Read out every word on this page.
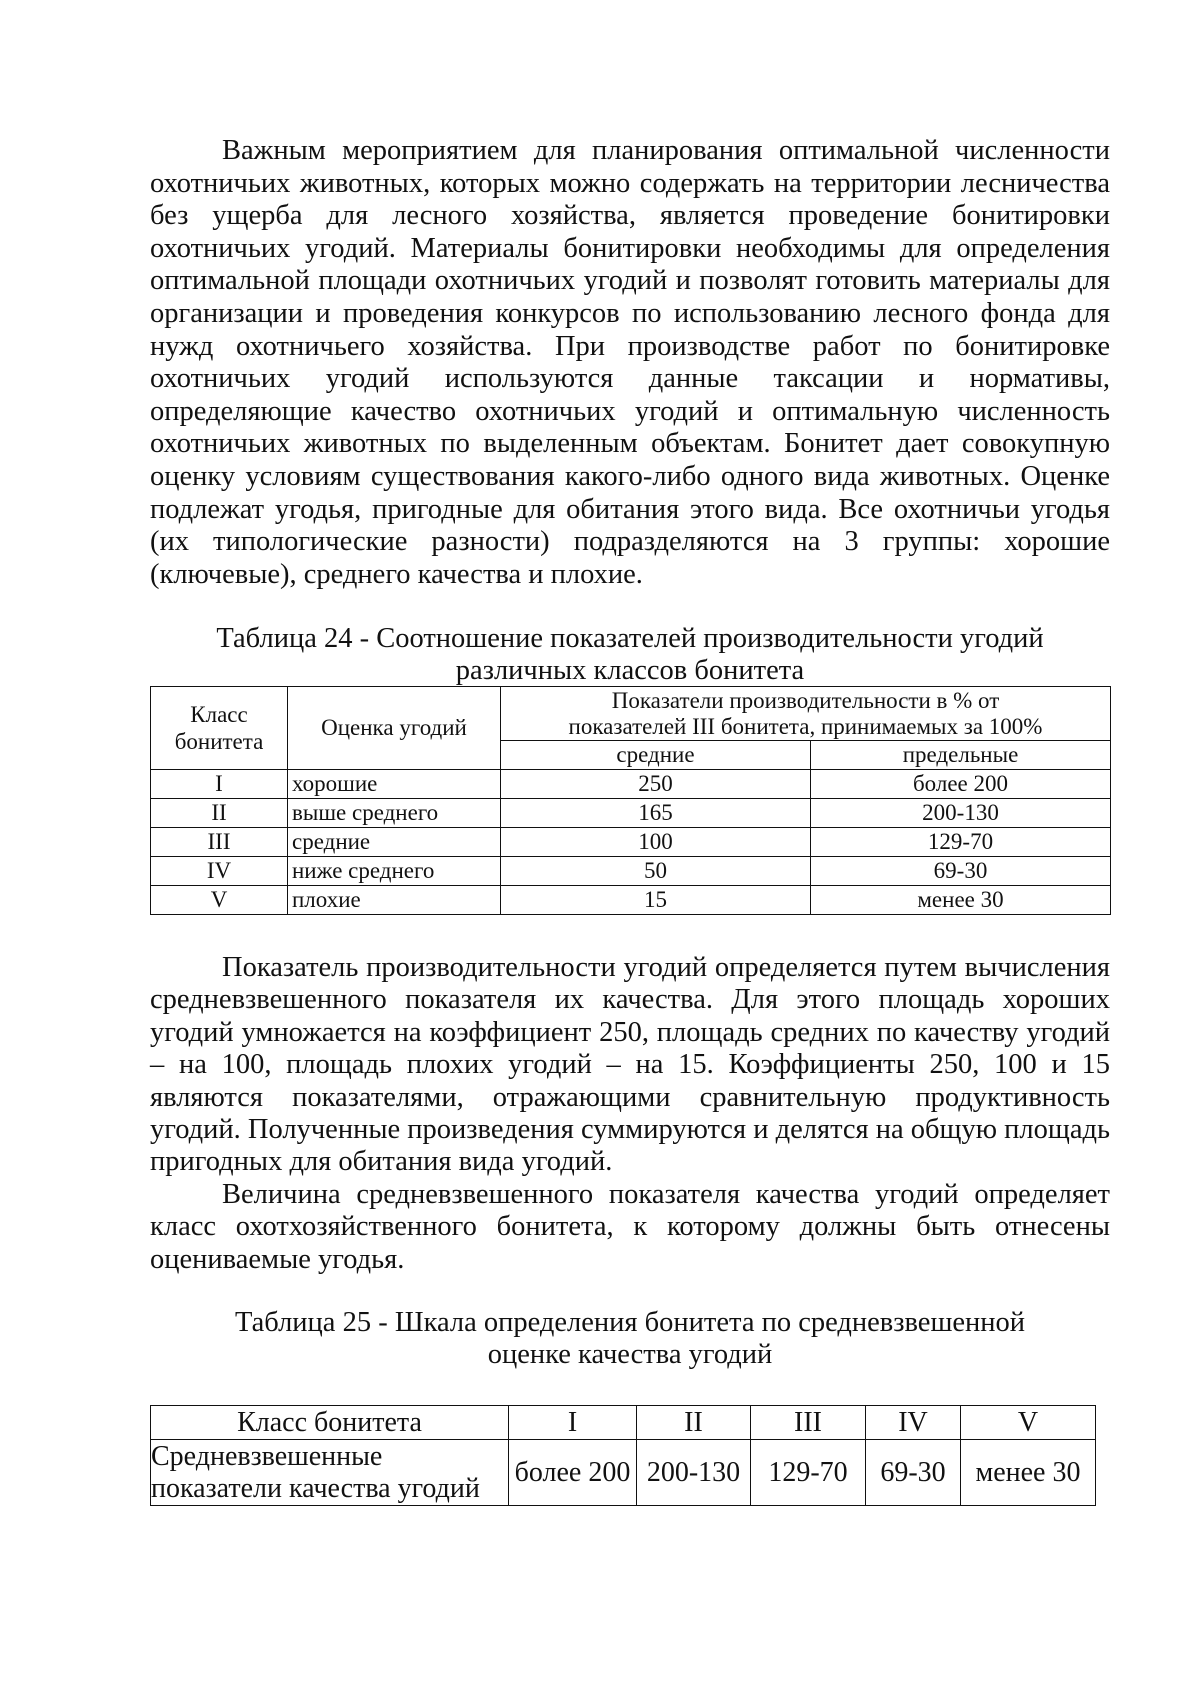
Важным мероприятием для планирования оптимальной численности охотничьих животных, которых можно содержать на территории лесничества без ущерба для лесного хозяйства, является проведение бонитировки охотничьих угодий. Материалы бонитировки необходимы для определения оптимальной площади охотничьих угодий и позволят готовить материалы для организации и проведения конкурсов по использованию лесного фонда для нужд охотничьего хозяйства. При производстве работ по бонитировке охотничьих угодий используются данные таксации и нормативы, определяющие качество охотничьих угодий и оптимальную численность охотничьих животных по выделенным объектам. Бонитет дает совокупную оценку условиям существования какого-либо одного вида животных. Оценке подлежат угодья, пригодные для обитания этого вида. Все охотничьи угодья (их типологические разности) подразделяются на 3 группы: хорошие (ключевые), среднего качества и плохие.

Таблица 24 - Соотношение показателей производительности угодий
различных классов бонитета

Класс бонитета	Оценка угодий	Показатели производительности в % от
показателей III бонитета, принимаемых за 100%	

		средние	предельные
I	хорошие	250	более 200
II	выше среднего	165	200-130
III	средние	100	129-70
IV	ниже среднего	50	69-30
V	плохие	15	менее 30

Показатель производительности угодий определяется путем вычисления средневзвешенного показателя их качества. Для этого площадь хороших угодий умножается на коэффициент 250, площадь средних по качеству угодий – на 100, площадь плохих угодий – на 15. Коэффициенты 250, 100 и 15 являются показателями, отражающими сравнительную продуктивность угодий. Полученные произведения суммируются и делятся на общую площадь пригодных для обитания вида угодий.

Величина средневзвешенного показателя качества угодий определяет класс охотхозяйственного бонитета, к которому должны быть отнесены оцениваемые угодья.

Таблица 25 - Шкала определения бонитета по средневзвешенной
оценке качества угодий

Класс бонитета	I	II	III	IV	V

Средневзвешенные
показатели качества угодий	более 200	200-130	129-70	69-30	менее 30
